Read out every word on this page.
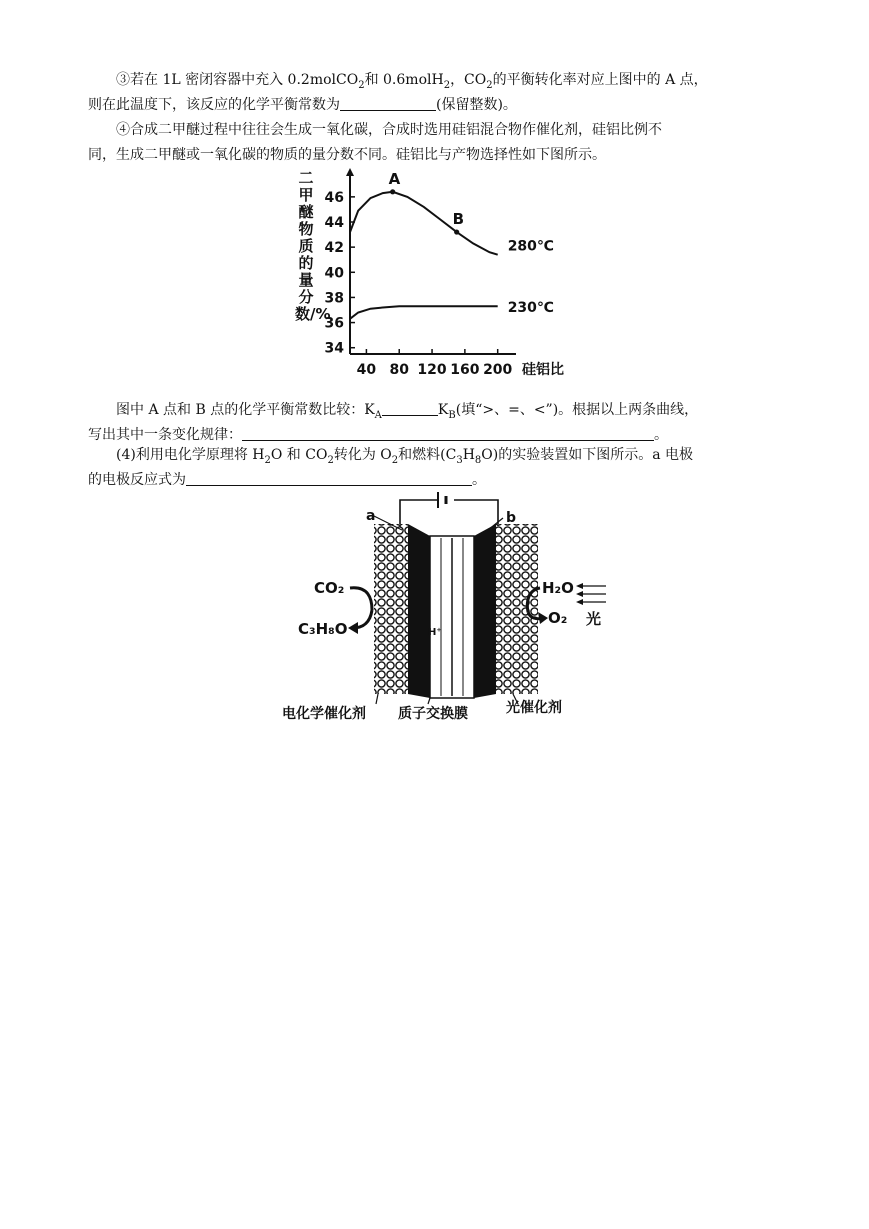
③若在 1L 密闭容器中充入 0.2molCO$_2$和 0.6molH$_2$，$CO_2$的平衡转化率对应上图中的 A 点，
则在此温度下，该反应的化学平衡常数为	(保留整数)。
④合成二甲醚过程中往往会生成一氧化碳，合成时选用硅铝混合物作催化剂，硅铝比例不
同，生成二甲醚或一氧化碳的物质的量分数不同。硅铝比与产物选择性如下图所示。
二甲醚物质的量分数/%
34
36
38
40
42
44
46
40 80 120 160 200 硅铝比
280℃
230℃
A
B
图中 A 点和 B 点的化学平衡常数比较：$K_A$	$K_B$(填“>、=、<”)。根据以上两条曲线，
写出其中一条变化规律：	。
(4)利用电化学原理将 $H_2O$ 和 $CO_2$转化为 $O_2$和燃料$(C_3H_8O)$的实验装置如下图所示。a 电极
的电极反应式为	。
a	b
CO₂
C₃H₈O	H⁺
H₂O
O₂ 光
电化学催化剂 质子交换膜	光催化剂
